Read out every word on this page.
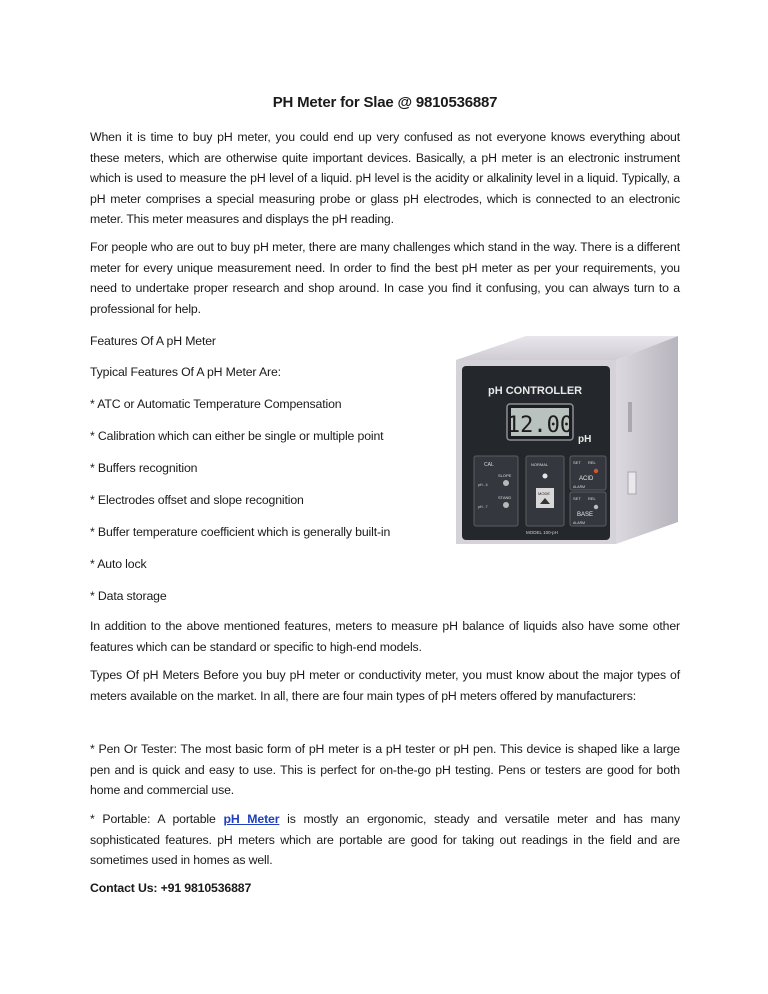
PH Meter for Slae @ 9810536887
When it is time to buy pH meter, you could end up very confused as not everyone knows everything about these meters, which are otherwise quite important devices. Basically, a pH meter is an electronic instrument which is used to measure the pH level of a liquid. pH level is the acidity or alkalinity level in a liquid. Typically, a pH meter comprises a special measuring probe or glass pH electrodes, which is connected to an electronic meter. This meter measures and displays the pH reading.
For people who are out to buy pH meter, there are many challenges which stand in the way. There is a different meter for every unique measurement need. In order to find the best pH meter as per your requirements, you need to undertake proper research and shop around. In case you find it confusing, you can always turn to a professional for help.
Features Of A pH Meter
Typical Features Of A pH Meter Are:
* ATC or Automatic Temperature Compensation
* Calibration which can either be single or multiple point
* Buffers recognition
* Electrodes offset and slope recognition
* Buffer temperature coefficient which is generally built-in
* Auto lock
* Data storage
In addition to the above mentioned features, meters to measure pH balance of liquids also have some other features which can be standard or specific to high-end models.
Types Of pH Meters Before you buy pH meter or conductivity meter, you must know about the major types of meters available on the market. In all, there are four main types of pH meters offered by manufacturers:
* Pen Or Tester: The most basic form of pH meter is a pH tester or pH pen. This device is shaped like a large pen and is quick and easy to use. This is perfect for on-the-go pH testing. Pens or testers are good for both home and commercial use.
* Portable: A portable pH Meter is mostly an ergonomic, steady and versatile meter and has many sophisticated features. pH meters which are portable are good for taking out readings in the field and are sometimes used in homes as well.
Contact Us: +91 9810536887
pH CONTROLLER
12.00
pH
CAL
SLOPE
pH - 4
STAND
pH - 7
NORMAL
MODE
SET REL
ACID
ALARM
SET REL
BASE
ALARM
MODEL 100-pH
